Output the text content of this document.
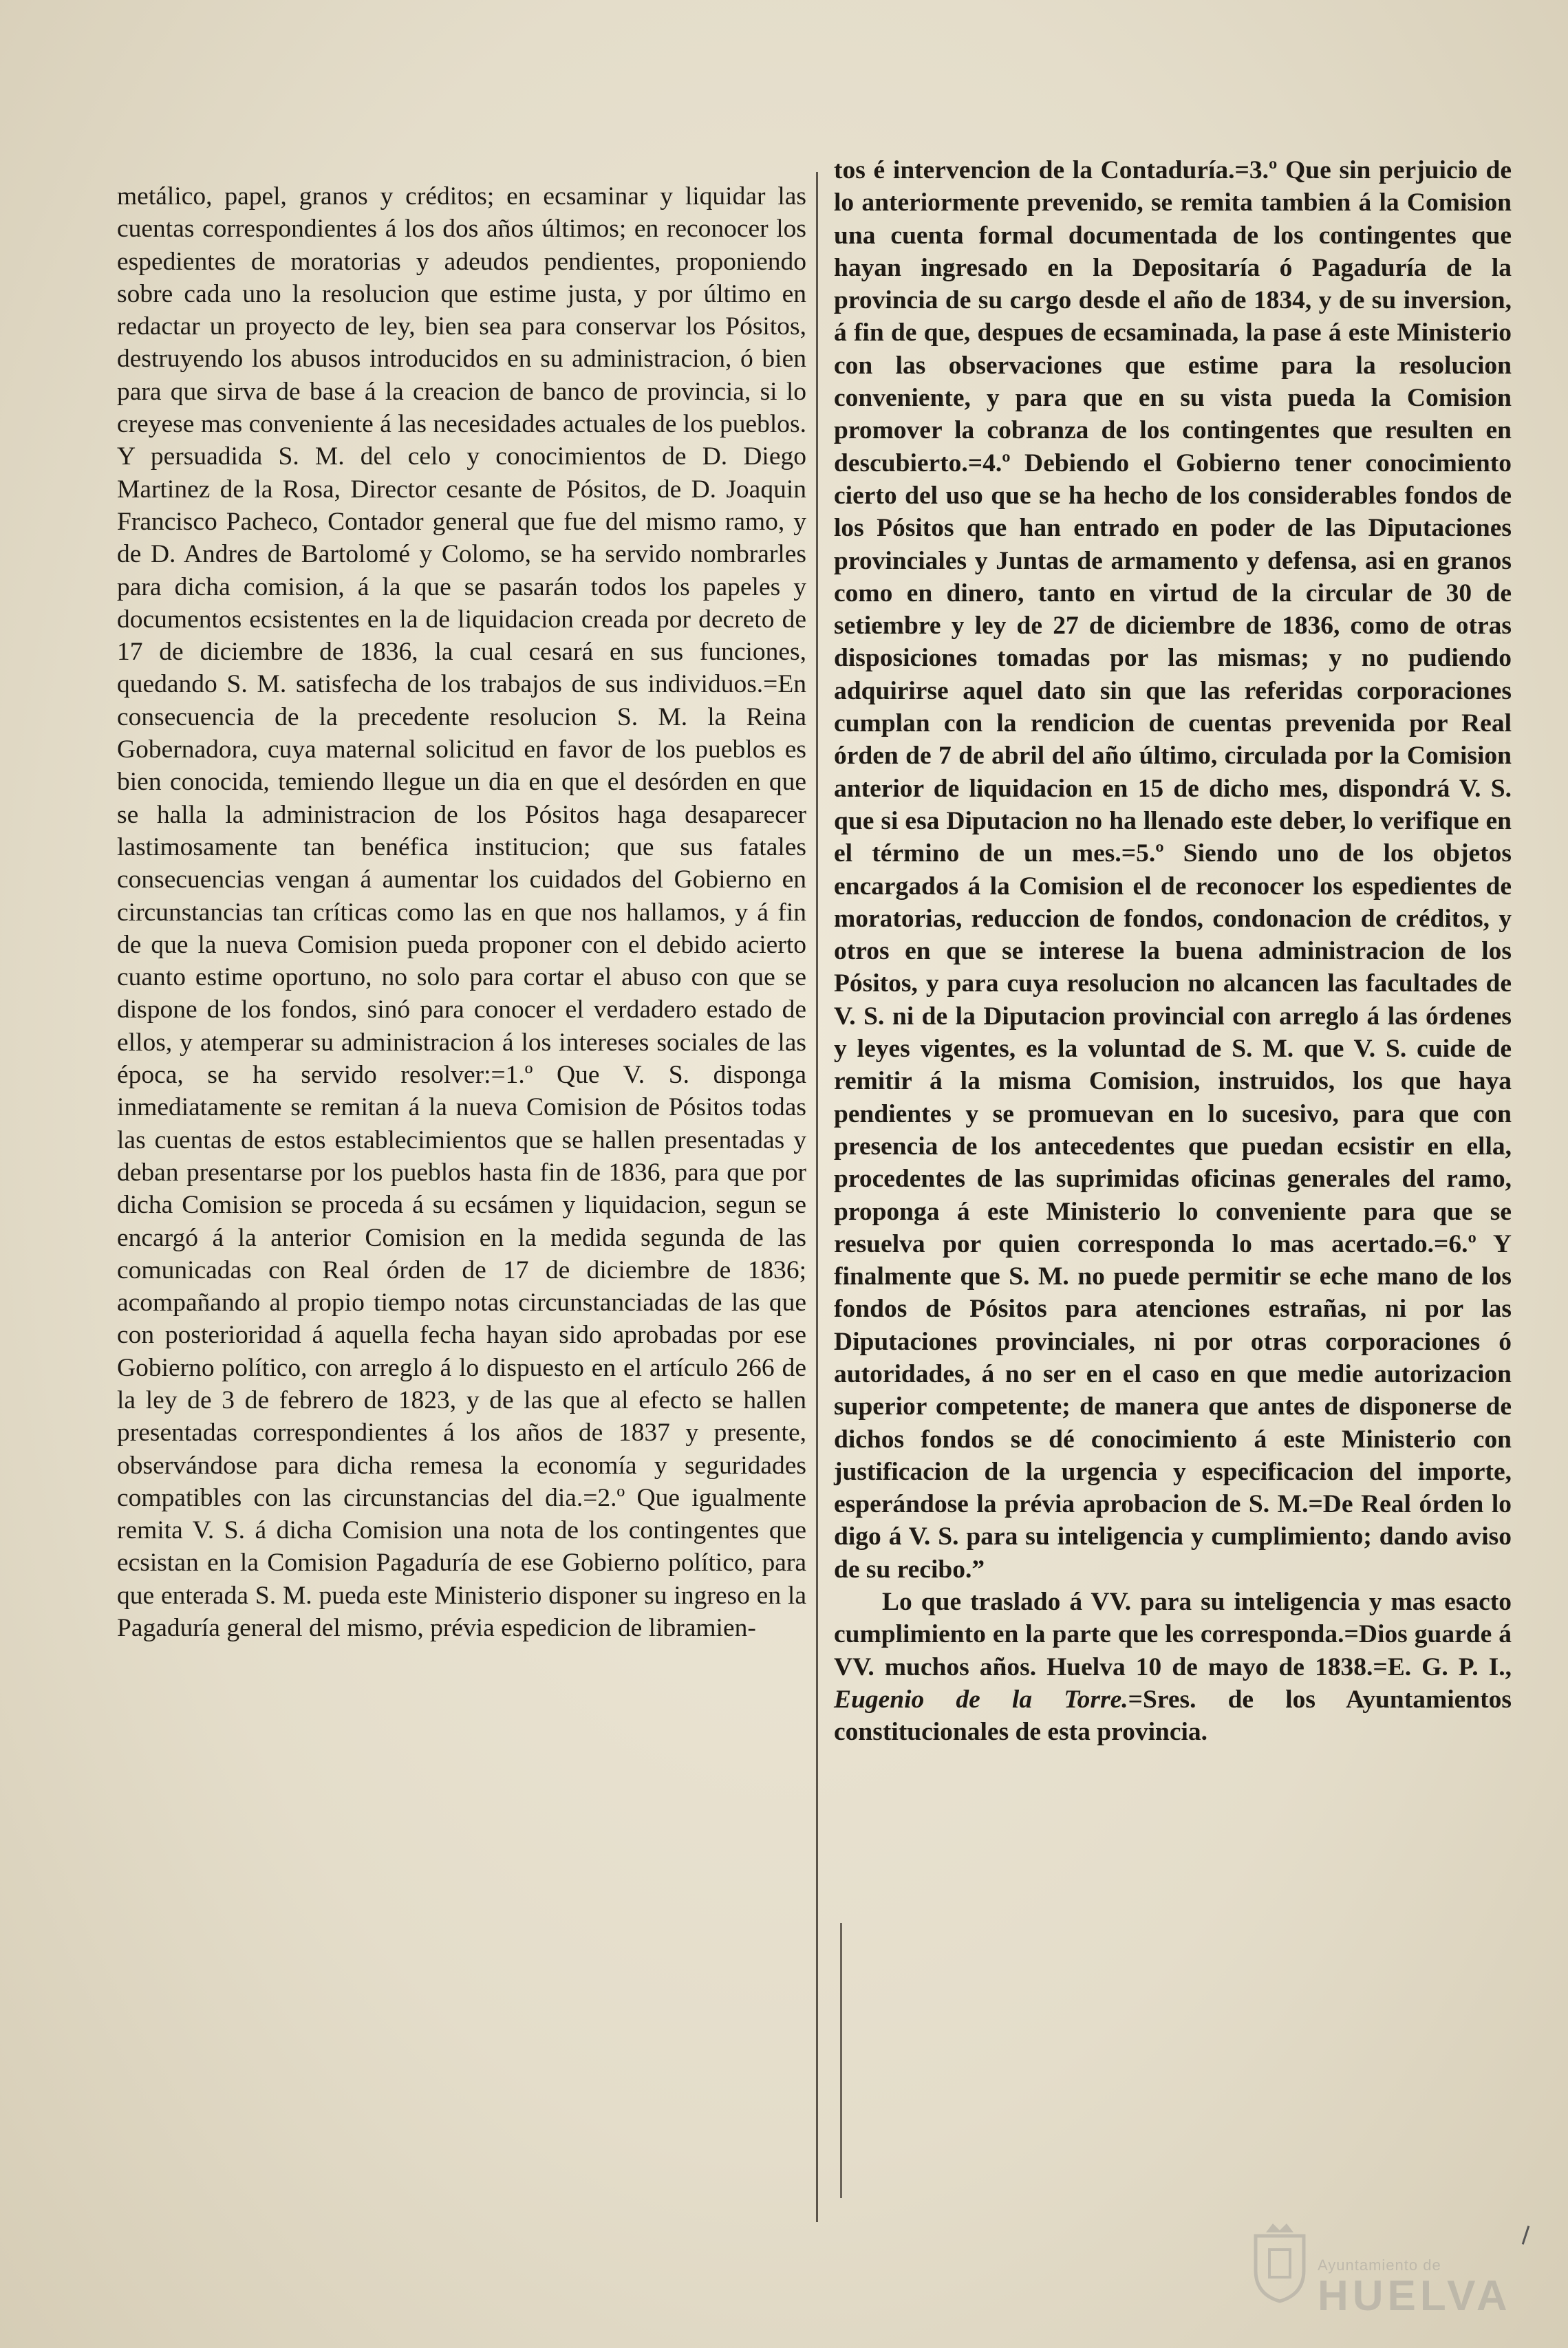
metálico, papel, granos y créditos; en ecsaminar y liquidar las cuentas correspondientes á los dos años últimos; en reconocer los espedientes de moratorias y adeudos pendientes, proponiendo sobre cada uno la resolucion que estime justa, y por último en redactar un proyecto de ley, bien sea para conservar los Pósitos, destruyendo los abusos introducidos en su administracion, ó bien para que sirva de base á la creacion de banco de provincia, si lo creyese mas conveniente á las necesidades actuales de los pueblos. Y persuadida S. M. del celo y conocimientos de D. Diego Martinez de la Rosa, Director cesante de Pósitos, de D. Joaquin Francisco Pacheco, Contador general que fue del mismo ramo, y de D. Andres de Bartolomé y Colomo, se ha servido nombrarles para dicha comision, á la que se pasarán todos los papeles y documentos ecsistentes en la de liquidacion creada por decreto de 17 de diciembre de 1836, la cual cesará en sus funciones, quedando S. M. satisfecha de los trabajos de sus individuos.=En consecuencia de la precedente resolucion S. M. la Reina Gobernadora, cuya maternal solicitud en favor de los pueblos es bien conocida, temiendo llegue un dia en que el desórden en que se halla la administracion de los Pósitos haga desaparecer lastimosamente tan benéfica institucion; que sus fatales consecuencias vengan á aumentar los cuidados del Gobierno en circunstancias tan críticas como las en que nos hallamos, y á fin de que la nueva Comision pueda proponer con el debido acierto cuanto estime oportuno, no solo para cortar el abuso con que se dispone de los fondos, sinó para conocer el verdadero estado de ellos, y atemperar su administracion á los intereses sociales de las época, se ha servido resolver:=1.º Que V. S. disponga inmediatamente se remitan á la nueva Comision de Pósitos todas las cuentas de estos establecimientos que se hallen presentadas y deban presentarse por los pueblos hasta fin de 1836, para que por dicha Comision se proceda á su ecsámen y liquidacion, segun se encargó á la anterior Comision en la medida segunda de las comunicadas con Real órden de 17 de diciembre de 1836; acompañando al propio tiempo notas circunstanciadas de las que con posterioridad á aquella fecha hayan sido aprobadas por ese Gobierno político, con arreglo á lo dispuesto en el artículo 266 de la ley de 3 de febrero de 1823, y de las que al efecto se hallen presentadas correspondientes á los años de 1837 y presente, observándose para dicha remesa la economía y seguridades compatibles con las circunstancias del dia.=2.º Que igualmente remita V. S. á dicha Comision una nota de los contingentes que ecsistan en la Comision Pagaduría de ese Gobierno político, para que enterada S. M. pueda este Ministerio disponer su ingreso en la Pagaduría general del mismo, prévia espedicion de libramien-

tos é intervencion de la Contaduría.=3.º Que sin perjuicio de lo anteriormente prevenido, se remita tambien á la Comision una cuenta formal documentada de los contingentes que hayan ingresado en la Depositaría ó Pagaduría de la provincia de su cargo desde el año de 1834, y de su inversion, á fin de que, despues de ecsaminada, la pase á este Ministerio con las observaciones que estime para la resolucion conveniente, y para que en su vista pueda la Comision promover la cobranza de los contingentes que resulten en descubierto.=4.º Debiendo el Gobierno tener conocimiento cierto del uso que se ha hecho de los considerables fondos de los Pósitos que han entrado en poder de las Diputaciones provinciales y Juntas de armamento y defensa, asi en granos como en dinero, tanto en virtud de la circular de 30 de setiembre y ley de 27 de diciembre de 1836, como de otras disposiciones tomadas por las mismas; y no pudiendo adquirirse aquel dato sin que las referidas corporaciones cumplan con la rendicion de cuentas prevenida por Real órden de 7 de abril del año último, circulada por la Comision anterior de liquidacion en 15 de dicho mes, dispondrá V. S. que si esa Diputacion no ha llenado este deber, lo verifique en el término de un mes.=5.º Siendo uno de los objetos encargados á la Comision el de reconocer los espedientes de moratorias, reduccion de fondos, condonacion de créditos, y otros en que se interese la buena administracion de los Pósitos, y para cuya resolucion no alcancen las facultades de V. S. ni de la Diputacion provincial con arreglo á las órdenes y leyes vigentes, es la voluntad de S. M. que V. S. cuide de remitir á la misma Comision, instruidos, los que haya pendientes y se promuevan en lo sucesivo, para que con presencia de los antecedentes que puedan ecsistir en ella, procedentes de las suprimidas oficinas generales del ramo, proponga á este Ministerio lo conveniente para que se resuelva por quien corresponda lo mas acertado.=6.º Y finalmente que S. M. no puede permitir se eche mano de los fondos de Pósitos para atenciones estrañas, ni por las Diputaciones provinciales, ni por otras corporaciones ó autoridades, á no ser en el caso en que medie autorizacion superior competente; de manera que antes de disponerse de dichos fondos se dé conocimiento á este Ministerio con justificacion de la urgencia y especificacion del importe, esperándose la prévia aprobacion de S. M.=De Real órden lo digo á V. S. para su inteligencia y cumplimiento; dando aviso de su recibo.”

Lo que traslado á VV. para su inteligencia y mas esacto cumplimiento en la parte que les corresponda.=Dios guarde á VV. muchos años. Huelva 10 de mayo de 1838.=E. G. P. I., Eugenio de la Torre.=Sres. de los Ayuntamientos constitucionales de esta provincia.

Ayuntamiento de
HUELVA
